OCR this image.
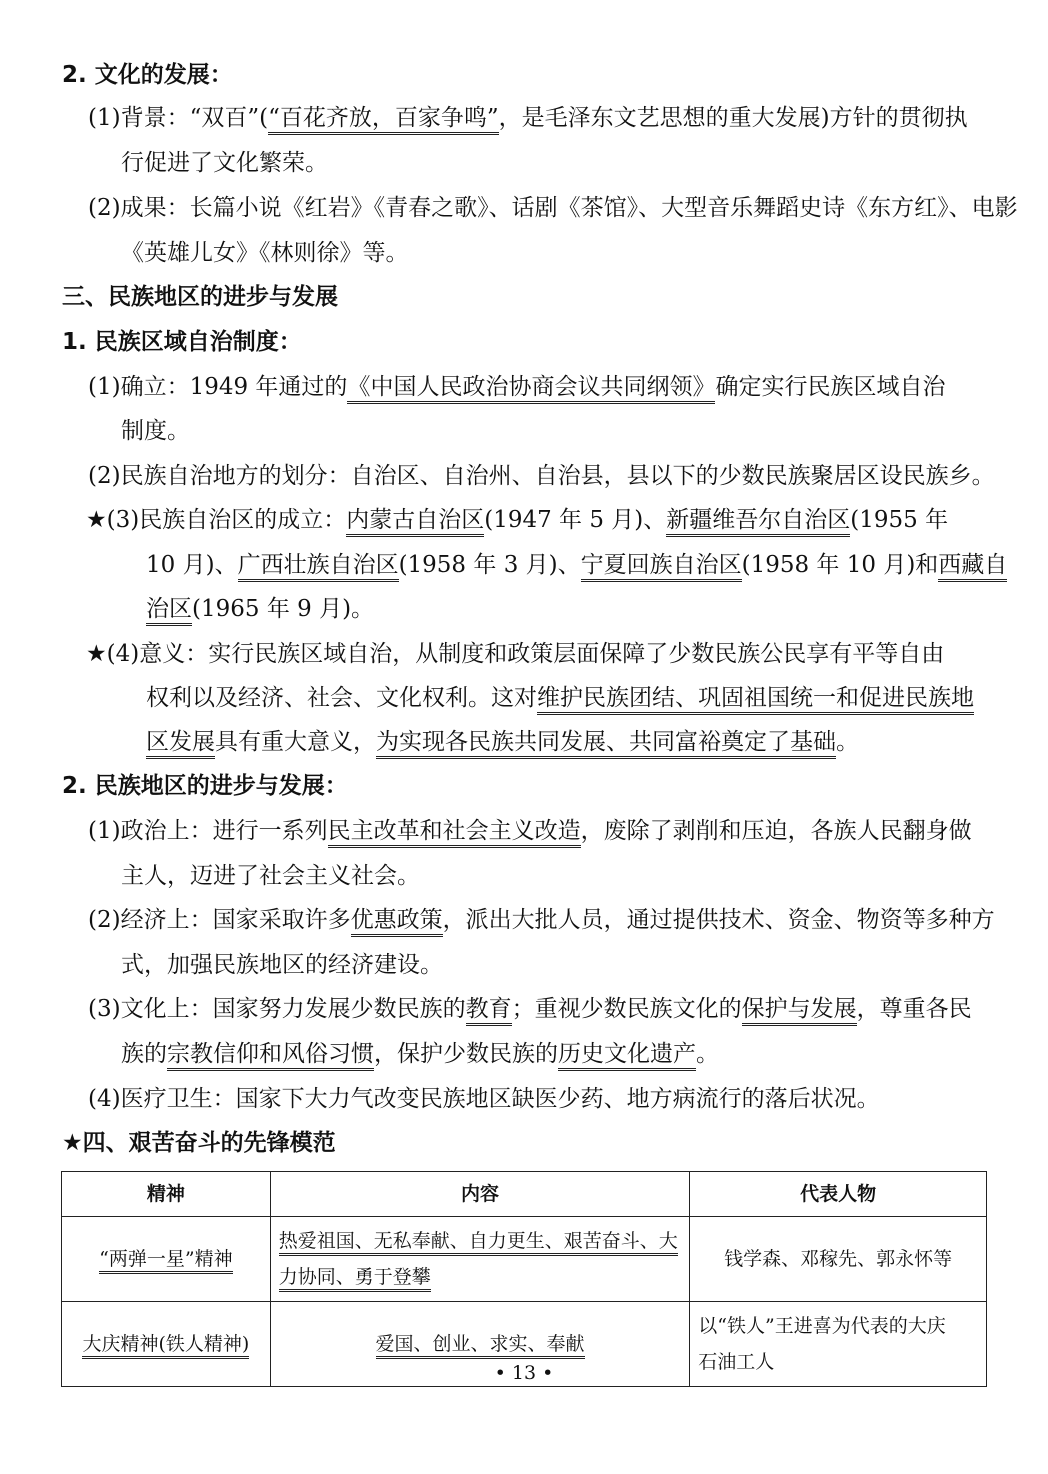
2. 文化的发展：
(1)背景：“双百”(“百花齐放，百家争鸣”，是毛泽东文艺思想的重大发展)方针的贯彻执
行促进了文化繁荣。
(2)成果：长篇小说《红岩》《青春之歌》、话剧《茶馆》、大型音乐舞蹈史诗《东方红》、电影
《英雄儿女》《林则徐》等。
三、民族地区的进步与发展
1. 民族区域自治制度：
(1)确立：1949 年通过的《中国人民政治协商会议共同纲领》确定实行民族区域自治
制度。
(2)民族自治地方的划分：自治区、自治州、自治县，县以下的少数民族聚居区设民族乡。
★(3)民族自治区的成立：内蒙古自治区(1947 年 5 月)、新疆维吾尔自治区(1955 年
10 月)、广西壮族自治区(1958 年 3 月)、宁夏回族自治区(1958 年 10 月)和西藏自
治区(1965 年 9 月)。
★(4)意义：实行民族区域自治，从制度和政策层面保障了少数民族公民享有平等自由
权利以及经济、社会、文化权利。这对维护民族团结、巩固祖国统一和促进民族地
区发展具有重大意义，为实现各民族共同发展、共同富裕奠定了基础。
2. 民族地区的进步与发展：
(1)政治上：进行一系列民主改革和社会主义改造，废除了剥削和压迫，各族人民翻身做
主人，迈进了社会主义社会。
(2)经济上：国家采取许多优惠政策，派出大批人员，通过提供技术、资金、物资等多种方
式，加强民族地区的经济建设。
(3)文化上：国家努力发展少数民族的教育；重视少数民族文化的保护与发展，尊重各民
族的宗教信仰和风俗习惯，保护少数民族的历史文化遗产。
(4)医疗卫生：国家下大力气改变民族地区缺医少药、地方病流行的落后状况。
★四、艰苦奋斗的先锋模范
精神	内容	代表人物
“两弹一星”精神	热爱祖国、无私奉献、自力更生、艰苦奋斗、大
力协同、勇于登攀	钱学森、邓稼先、郭永怀等
大庆精神(铁人精神)	爱国、创业、求实、奉献	以“铁人”王进喜为代表的大庆
石油工人
• 13 •
